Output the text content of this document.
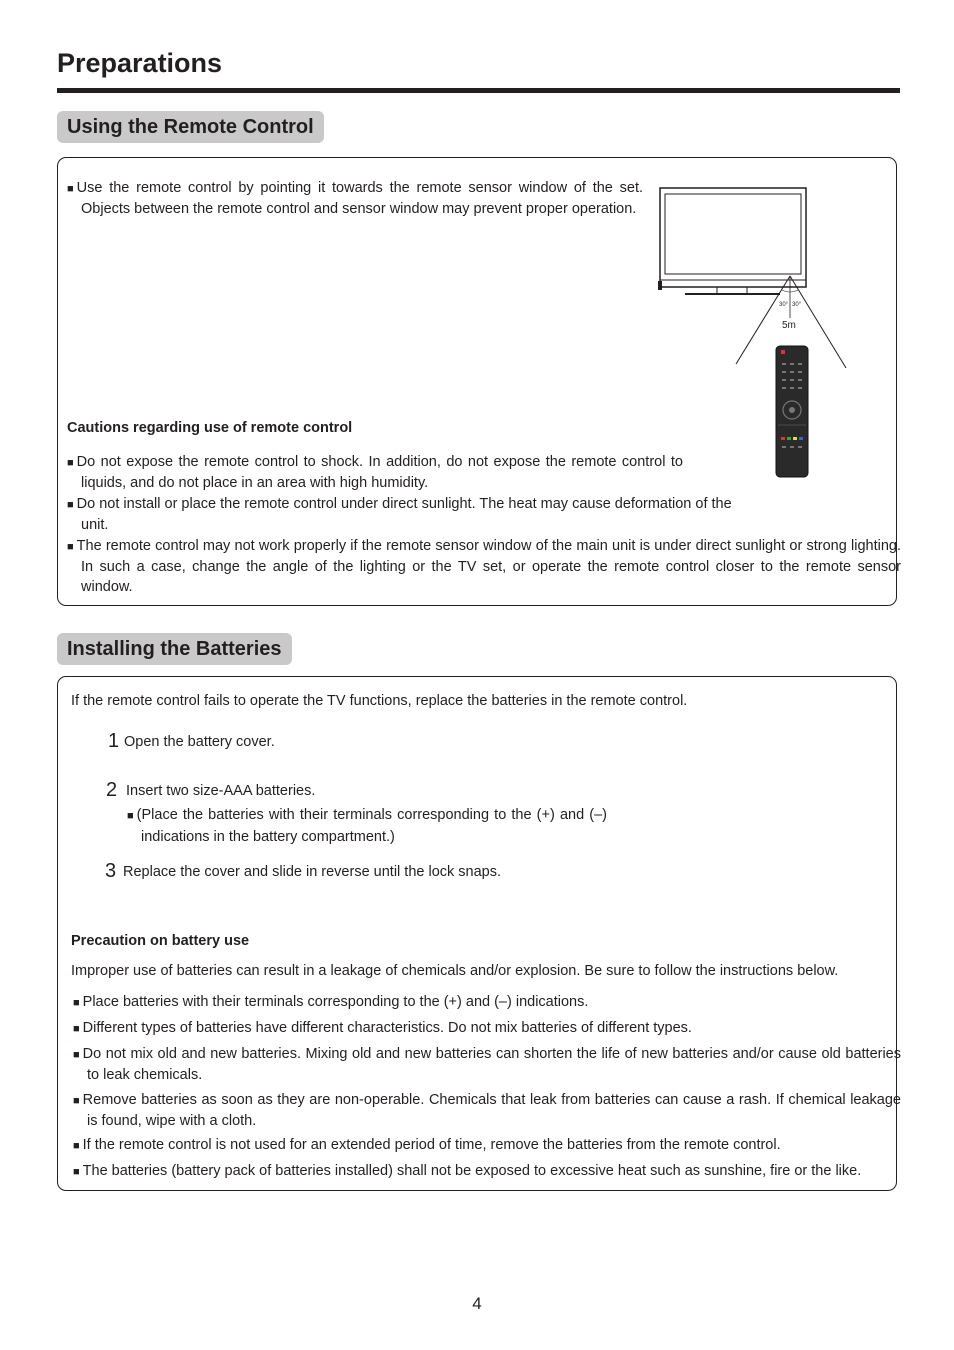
Preparations
Using the Remote Control
■ Use the remote control by pointing it towards the remote sensor window of the set. Objects between the remote control and sensor window may prevent proper operation.
30° 30°
5m
Cautions regarding use of remote control
■ Do not expose the remote control to shock. In addition, do not expose the remote control to liquids, and do not place in an area with high humidity.
■ Do not install or place the remote control under direct sunlight. The heat may cause deformation of the unit.
■ The remote control may not work properly if the remote sensor window of the main unit is under direct sunlight or strong lighting. In such a case, change the angle of the lighting or the TV set, or operate the remote control closer to the remote sensor window.
Installing the Batteries
If the remote control fails to operate the TV functions, replace the batteries in the remote control.
1 Open the battery cover.
2 Insert two size-AAA batteries.
■ (Place the batteries with their terminals corresponding to the (+) and (–) indications in the battery compartment.)
3 Replace the cover and slide in reverse until the lock snaps.
Precaution on battery use
Improper use of batteries can result in a leakage of chemicals and/or explosion. Be sure to follow the instructions below.
■ Place batteries with their terminals corresponding to the (+) and (–) indications.
■ Different types of batteries have different characteristics. Do not mix batteries of different types.
■ Do not mix old and new batteries. Mixing old and new batteries can shorten the life of new batteries and/or cause old batteries to leak chemicals.
■ Remove batteries as soon as they are non-operable. Chemicals that leak from batteries can cause a rash. If chemical leakage is found, wipe with a cloth.
■ If the remote control is not used for an extended period of time, remove the batteries from the remote control.
■ The batteries (battery pack of batteries installed) shall not be exposed to excessive heat such as sunshine, fire or the like.
4
